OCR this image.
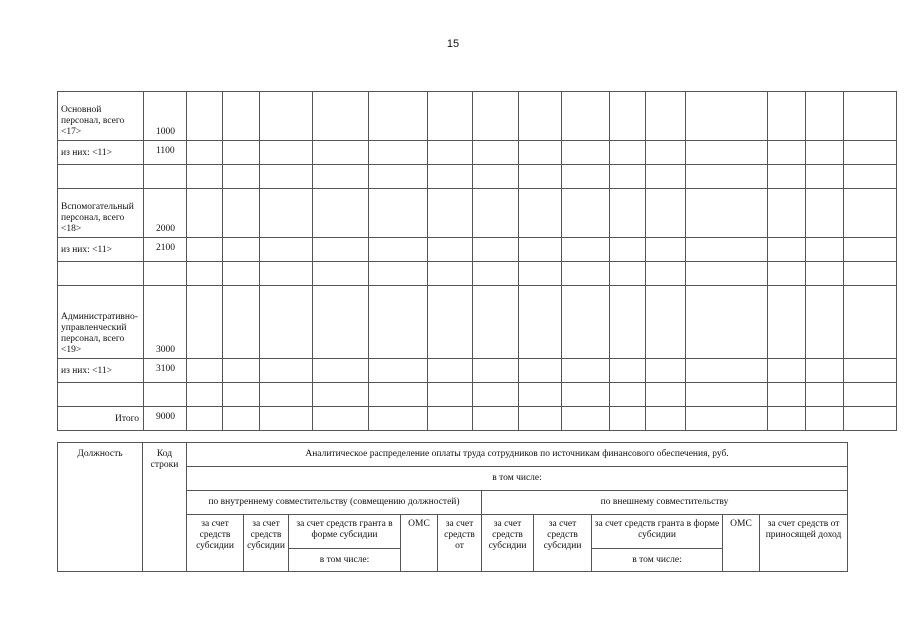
15
Основной персонал, всего <17>	1000															
из них: <11>	1100															

Вспомогательный персонал, всего <18>	2000															
из них: <11>	2100															

Административно-управленческий персонал, всего <19>	3000															
из них: <11>	3100															

Итого	9000															
Должность	Код строки	Аналитическое распределение оплаты труда сотрудников по источникам финансового обеспечения, руб.									
		в том числе:									
		по внутреннему совместительству (совмещению должностей)					по внешнему совместительству				
		за счет средств субсидии	за счет средств субсидии	за счет средств гранта в форме субсидии	ОМС	за счет средств от	за счет средств субсидии	за счет средств субсидии	за счет средств гранта в форме субсидии	ОМС	за счет средств от приносящей доход
				в том числе:					в том числе:		
